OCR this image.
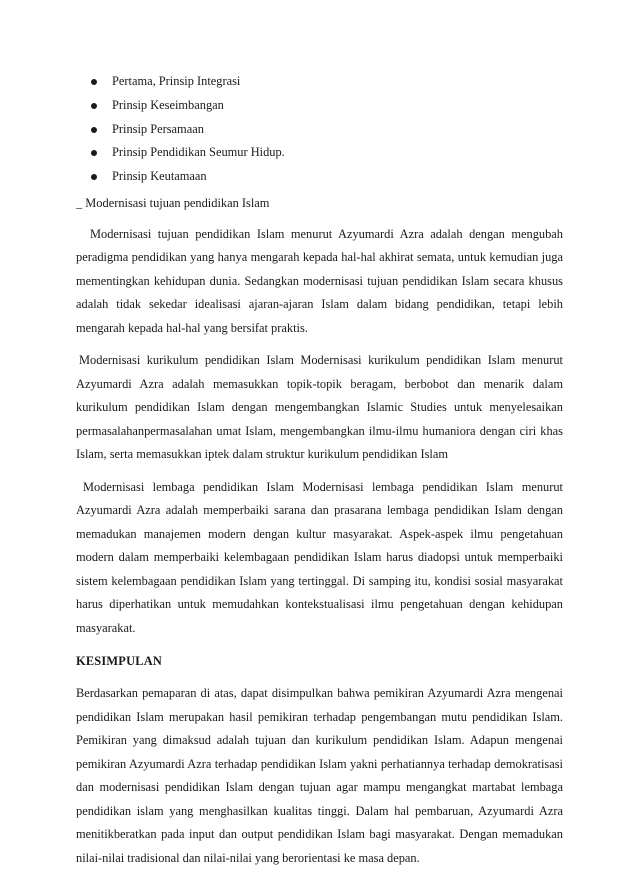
Pertama, Prinsip Integrasi
Prinsip Keseimbangan
Prinsip Persamaan
Prinsip Pendidikan Seumur Hidup.
Prinsip Keutamaan
_ Modernisasi tujuan pendidikan Islam

Modernisasi tujuan pendidikan Islam menurut Azyumardi Azra adalah dengan mengubah peradigma pendidikan yang hanya mengarah kepada hal-hal akhirat semata, untuk kemudian juga mementingkan kehidupan dunia. Sedangkan modernisasi tujuan pendidikan Islam secara khusus adalah tidak sekedar idealisasi ajaran-ajaran Islam dalam bidang pendidikan, tetapi lebih mengarah kepada hal-hal yang bersifat praktis.

Modernisasi kurikulum pendidikan Islam Modernisasi kurikulum pendidikan Islam menurut Azyumardi Azra adalah memasukkan topik-topik beragam, berbobot dan menarik dalam kurikulum pendidikan Islam dengan mengembangkan Islamic Studies untuk menyelesaikan permasalahanpermasalahan umat Islam, mengembangkan ilmu-ilmu humaniora dengan ciri khas Islam, serta memasukkan iptek dalam struktur kurikulum pendidikan Islam

Modernisasi lembaga pendidikan Islam Modernisasi lembaga pendidikan Islam menurut Azyumardi Azra adalah memperbaiki sarana dan prasarana lembaga pendidikan Islam dengan memadukan manajemen modern dengan kultur masyarakat. Aspek-aspek ilmu pengetahuan modern dalam memperbaiki kelembagaan pendidikan Islam harus diadopsi untuk memperbaiki sistem kelembagaan pendidikan Islam yang tertinggal. Di samping itu, kondisi sosial masyarakat harus diperhatikan untuk memudahkan kontekstualisasi ilmu pengetahuan dengan kehidupan masyarakat.

KESIMPULAN

Berdasarkan pemaparan di atas, dapat disimpulkan bahwa pemikiran Azyumardi Azra mengenai pendidikan Islam merupakan hasil pemikiran terhadap pengembangan mutu pendidikan Islam. Pemikiran yang dimaksud adalah tujuan dan kurikulum pendidikan Islam. Adapun mengenai pemikiran Azyumardi Azra terhadap pendidikan Islam yakni perhatiannya terhadap demokratisasi dan modernisasi pendidikan Islam dengan tujuan agar mampu mengangkat martabat lembaga pendidikan islam yang menghasilkan kualitas tinggi. Dalam hal pembaruan, Azyumardi Azra menitikberatkan pada input dan output pendidikan Islam bagi masyarakat. Dengan memadukan nilai-nilai tradisional dan nilai-nilai yang berorientasi ke masa depan.
